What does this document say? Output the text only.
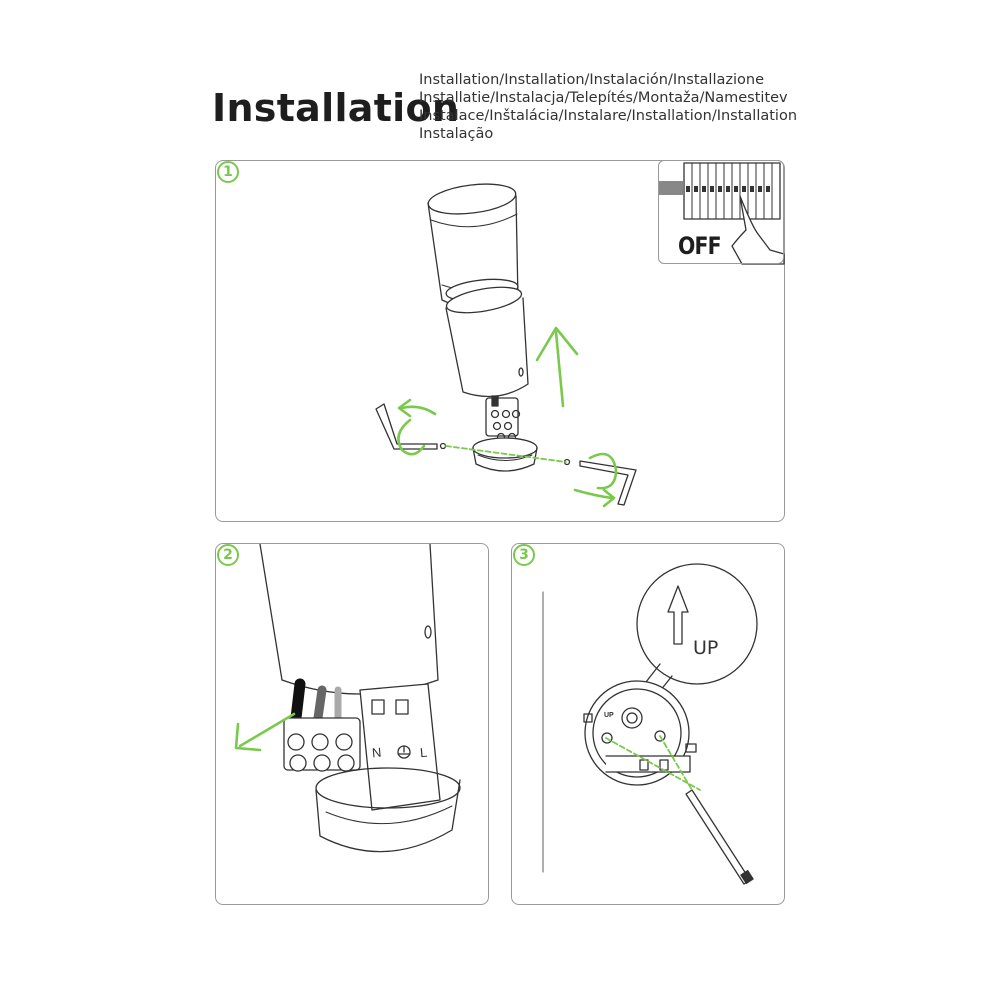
Installation
Installation/Installation/Instalación/Installazione
Installatie/Instalacja/Telepítés/Montaža/Namestitev
Instalace/Inštalácia/Instalare/Installation/Installation
Instalação
OFF
N	L
UP
UP
1
2	3
